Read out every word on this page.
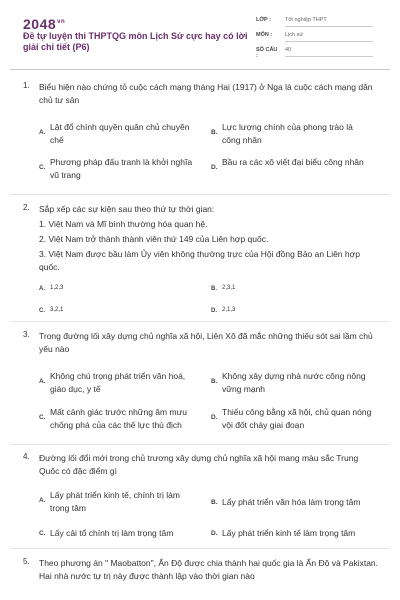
$2048^{vn}$
Đề tự luyện thi THPTQG môn Lịch Sử cực hay có lời giải chi tiết (P6)
LỚP :	Tốt nghiệp THPT
MÔN :	Lịch sử
SỐ CÂU :
40
1. Biểu hiện nào chứng tỏ cuộc cách mạng tháng Hai (1917) ở Nga là cuộc cách mạng dân chủ tư sản
A.
Lật đổ chính quyền quân chủ chuyên chế
B.
Lực lượng chính của phong trào là công nhân
C.
Phương pháp đấu tranh là khởi nghĩa vũ trang
D.
Bầu ra các xô viết đại biểu công nhân
2. Sắp xếp các sự kiện sau theo thứ tự thời gian:
1. Việt Nam và Mĩ bình thường hóa quan hệ.
2. Việt Nam trở thành thành viên thứ 149 của Liên hợp quốc.
3. Việt Nam được bầu làm Ủy viên không thường trực của Hội đồng Bảo an Liên hợp quốc.
A. 1,2,3	B. 2,3,1
C. 3,2,1	D. 2,1,3
3. Trong đường lối xây dựng chủ nghĩa xã hội, Liên Xô đã mắc những thiếu sót sai lầm chủ yếu nào
A.
Không chú trọng phát triển văn hoá, giáo dục, y tế
B.
Không xây dựng nhà nước công nông vững mạnh
C.
Mất cảnh giác trước những âm mưu chống phá của các thế lực thù địch
D.
Thiếu công bằng xã hội, chủ quan nóng vội đốt cháy giai đoạn
4. Đường lối đổi mới trong chủ trương xây dựng chủ nghĩa xã hội mang màu sắc Trung Quốc có đặc điểm gì
A.
Lấy phát triển kinh tế, chính trị làm trọng tâm
B. Lấy phát triển văn hóa làm trọng tâm
C. Lấy cải tổ chính trị làm trọng tâm	D. Lấy phát triển kinh tế làm trọng tâm
5. Theo phương án " Maobatton", Ấn Độ được chia thành hai quốc gia là Ấn Độ và Pakixtan. Hai nhà nước tự trị này được thành lập vào thời gian nào
